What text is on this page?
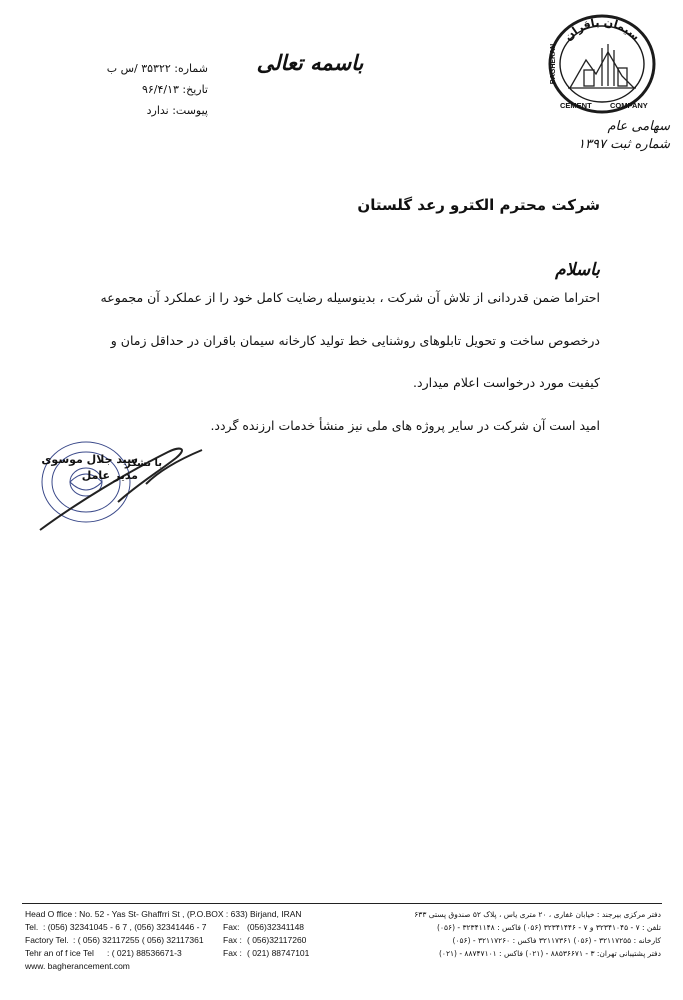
باسمه تعالی
شماره: ۳۵۳۲۲ /س ب
تاریخ: ۹۶/۴/۱۳
پیوست: ندارد
سیمان باقران
BAGHERAN
CEMENT COMPANY
سهامی عام
شماره ثبت ۱۳۹۷
شرکت محترم الکترو رعد گلستان
باسلام
احتراما ضمن قدردانی از تلاش آن شرکت ، بدینوسیله رضایت کامل خود را از عملکرد آن مجموعه
درخصوص ساخت و تحویل تابلوهای روشنایی خط تولید کارخانه سیمان باقران در حداقل زمان و
کیفیت مورد درخواست اعلام میدارد.
امید است آن شرکت در سایر پروژه های ملی نیز منشأ خدمات ارزنده گردد.
سید جلال موسوی
مدیر عامل
با تشکر
Head O ffice : No. 52 - Yas St- Ghaffrri St , (P.O.BOX : 633) Birjand, IRAN
Tel. : (056) 32341045 - 6 7 , (056) 32341446 - 7 Fax: (056)32341148
Factory Tel. : ( 056) 32117255 ( 056) 32117361 Fax : ( 056)32117260
Tehr an of f ice Tel : ( 021) 88536671-3	Fax : ( 021) 88747101
www. bagherancement.com
دفتر مرکزی بیرجند : خیابان غفاری ، ۲۰ متری یاس ، پلاک ۵۲ صندوق پستی ۶۳۳
تلفن : ۷ - ۳۲۳۴۱۰۴۵ و ۷ - ۳۲۳۴۱۴۴۶ (۰۵۶) فاکس : ۳۲۳۴۱۱۴۸ - (۰۵۶)
کارخانه : ۳۲۱۱۷۲۵۵ - (۰۵۶) ۳۲۱۱۷۳۶۱ فاکس : ۳۲۱۱۷۲۶۰ - (۰۵۶)
دفتر پشتیبانی تهران: ۳ - ۸۸۵۳۶۶۷۱ - (۰۲۱) فاکس : ۸۸۷۴۷۱۰۱ - (۰۲۱)
